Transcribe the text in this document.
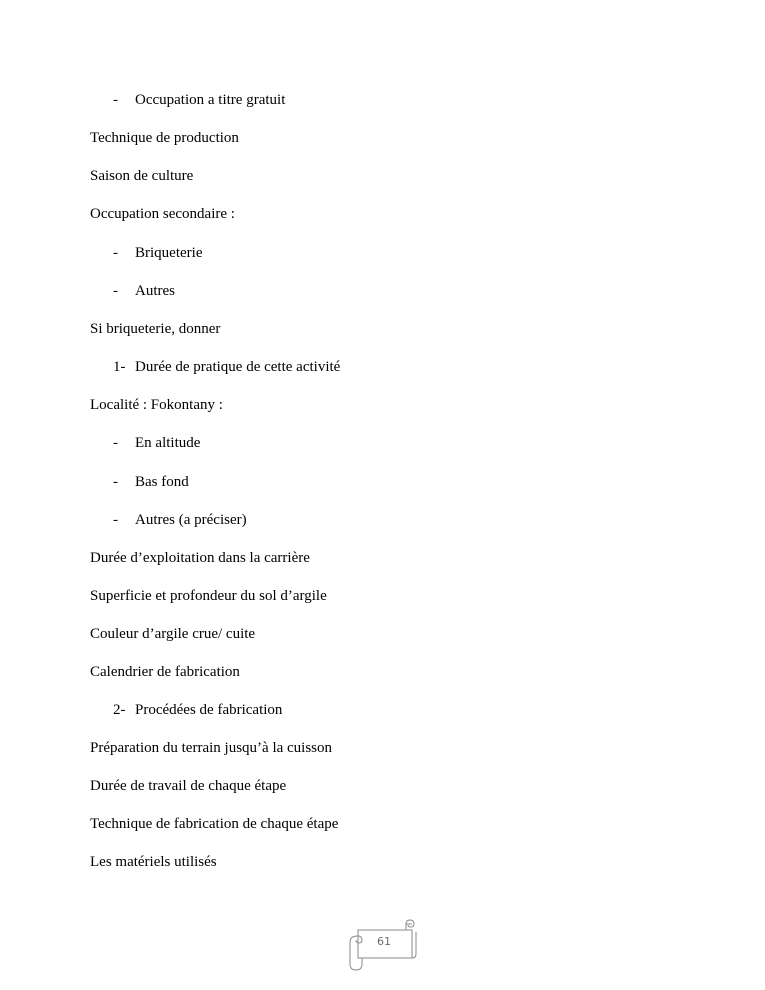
- Occupation a titre gratuit
Technique de production
Saison de culture
Occupation secondaire :
- Briqueterie
- Autres
Si briqueterie, donner
1- Durée de pratique de cette activité
Localité : Fokontany :
- En altitude
- Bas fond
- Autres (a préciser)
Durée d’exploitation dans la carrière
Superficie et profondeur du sol d’argile
Couleur d’argile crue/ cuite
Calendrier de fabrication
2- Procédées de fabrication
Préparation du terrain jusqu’à la cuisson
Durée de travail de chaque étape
Technique de fabrication de chaque étape
Les matériels utilisés
61
